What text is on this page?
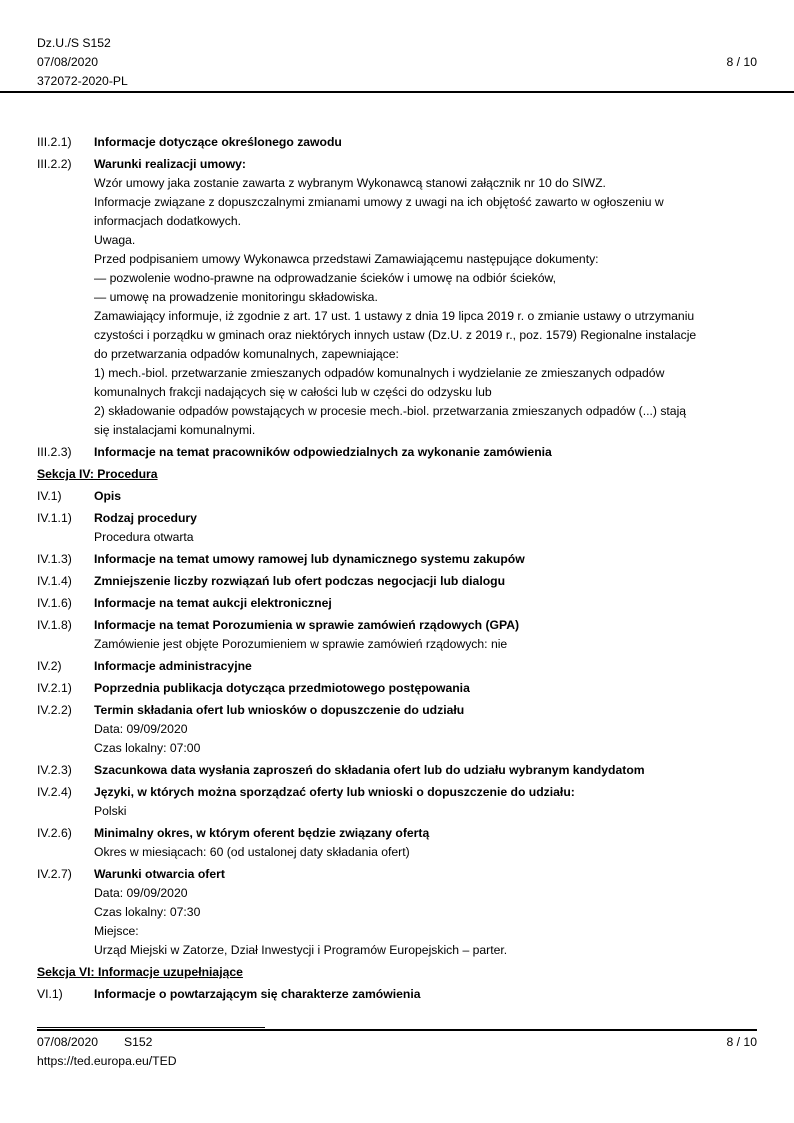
Dz.U./S S152
07/08/2020	8 / 10
372072-2020-PL
III.2.1)	Informacje dotyczące określonego zawodu
III.2.2)	Warunki realizacji umowy:
Wzór umowy jaka zostanie zawarta z wybranym Wykonawcą stanowi załącznik nr 10 do SIWZ.
Informacje związane z dopuszczalnymi zmianami umowy z uwagi na ich objętość zawarto w ogłoszeniu w
informacjach dodatkowych.
Uwaga.
Przed podpisaniem umowy Wykonawca przedstawi Zamawiającemu następujące dokumenty:
— pozwolenie wodno-prawne na odprowadzanie ścieków i umowę na odbiór ścieków,
— umowę na prowadzenie monitoringu składowiska.
Zamawiający informuje, iż zgodnie z art. 17 ust. 1 ustawy z dnia 19 lipca 2019 r. o zmianie ustawy o utrzymaniu
czystości i porządku w gminach oraz niektórych innych ustaw (Dz.U. z 2019 r., poz. 1579) Regionalne instalacje
do przetwarzania odpadów komunalnych, zapewniające:
1) mech.-biol. przetwarzanie zmieszanych odpadów komunalnych i wydzielanie ze zmieszanych odpadów
komunalnych frakcji nadających się w całości lub w części do odzysku lub
2) składowanie odpadów powstających w procesie mech.-biol. przetwarzania zmieszanych odpadów (...) stają
się instalacjami komunalnymi.
III.2.3)	Informacje na temat pracowników odpowiedzialnych za wykonanie zamówienia
Sekcja IV: Procedura
IV.1)	Opis
IV.1.1)	Rodzaj procedury
Procedura otwarta
IV.1.3)	Informacje na temat umowy ramowej lub dynamicznego systemu zakupów
IV.1.4)	Zmniejszenie liczby rozwiązań lub ofert podczas negocjacji lub dialogu
IV.1.6)	Informacje na temat aukcji elektronicznej
IV.1.8)	Informacje na temat Porozumienia w sprawie zamówień rządowych (GPA)
Zamówienie jest objęte Porozumieniem w sprawie zamówień rządowych: nie
IV.2)	Informacje administracyjne
IV.2.1)	Poprzednia publikacja dotycząca przedmiotowego postępowania
IV.2.2)	Termin składania ofert lub wniosków o dopuszczenie do udziału
Data: 09/09/2020
Czas lokalny: 07:00
IV.2.3)	Szacunkowa data wysłania zaproszeń do składania ofert lub do udziału wybranym kandydatom
IV.2.4)	Języki, w których można sporządzać oferty lub wnioski o dopuszczenie do udziału:
Polski
IV.2.6)	Minimalny okres, w którym oferent będzie związany ofertą
Okres w miesiącach: 60 (od ustalonej daty składania ofert)
IV.2.7)	Warunki otwarcia ofert
Data: 09/09/2020
Czas lokalny: 07:30
Miejsce:
Urząd Miejski w Zatorze, Dział Inwestycji i Programów Europejskich – parter.
Sekcja VI: Informacje uzupełniające
VI.1)	Informacje o powtarzającym się charakterze zamówienia
07/08/2020 S152	8 / 10
https://ted.europa.eu/TED
